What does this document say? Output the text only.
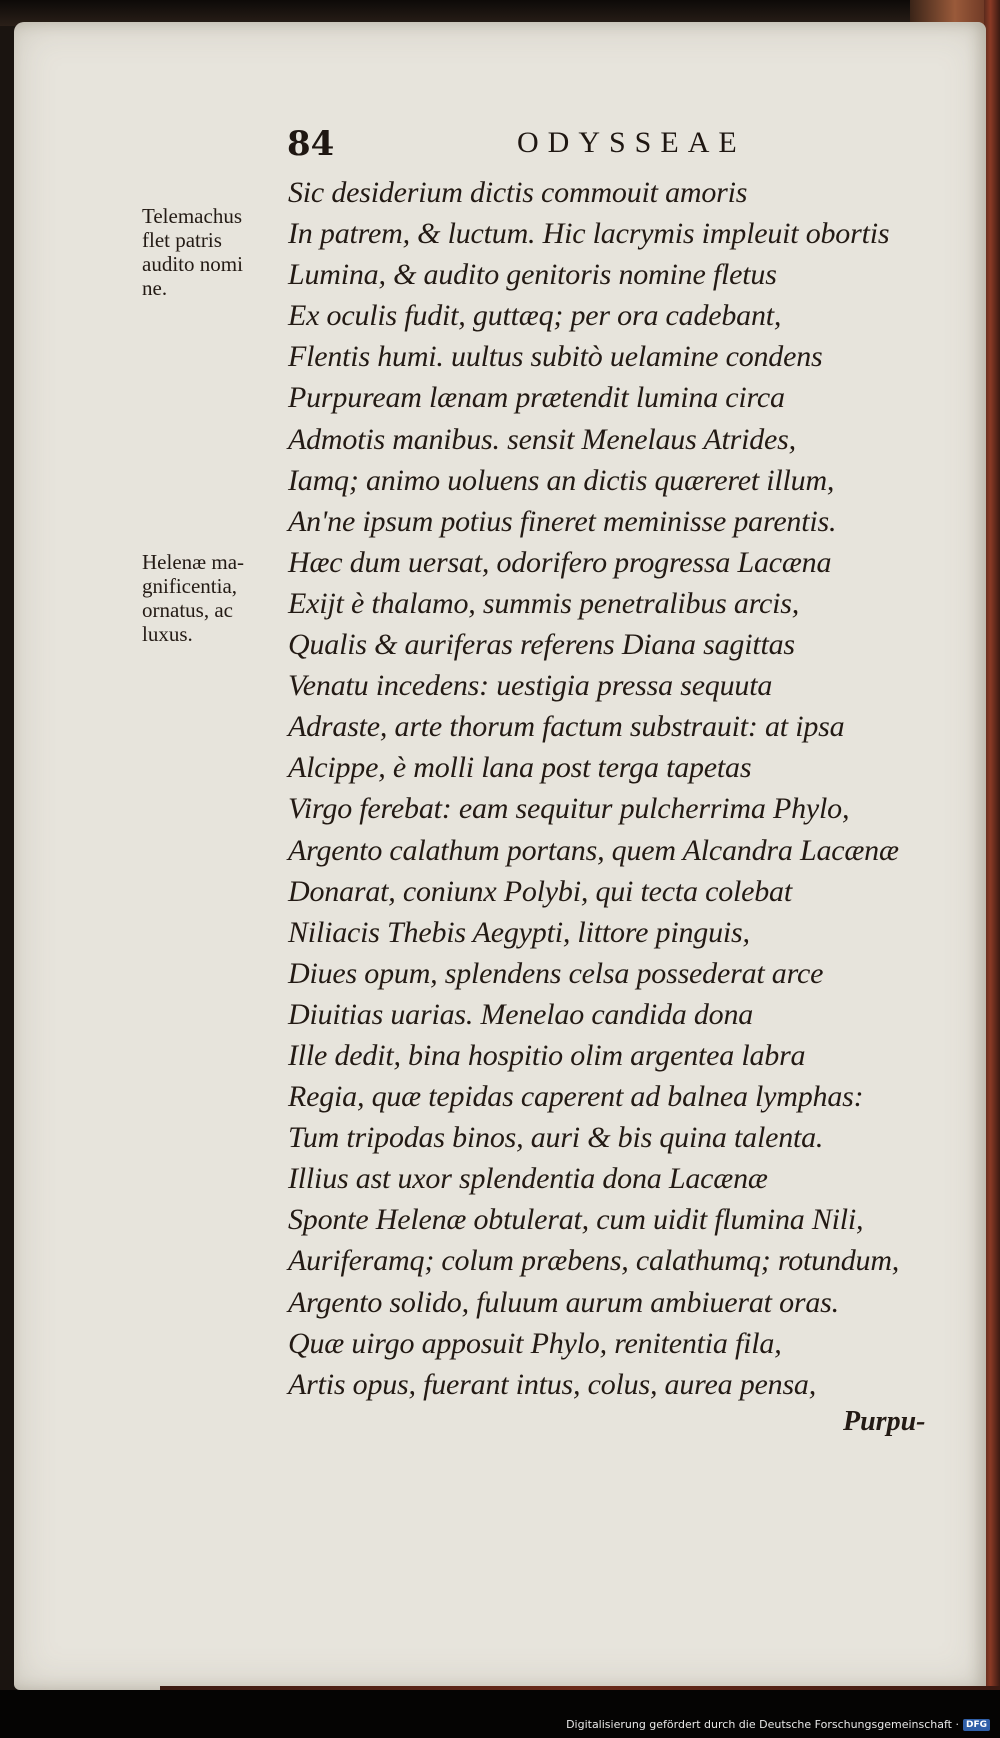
84	ODYSSEAE
Telemachus
flet patris
audito nomi
ne.
Helenæ ma-
gnificentia,
ornatus, ac
luxus.
Sic desiderium dictis commouit amoris
In patrem, & luctum. Hic lacrymis impleuit obortis
Lumina, & audito genitoris nomine fletus
Ex oculis fudit, guttæq; per ora cadebant,
Flentis humi. uultus subitò uelamine condens
Purpuream lænam prætendit lumina circa
Admotis manibus. sensit Menelaus Atrides,
Iamq; animo uoluens an dictis quæreret illum,
An'ne ipsum potius fineret meminisse parentis.
Hæc dum uersat, odorifero progressa Lacæna
Exijt è thalamo, summis penetralibus arcis,
Qualis & auriferas referens Diana sagittas
Venatu incedens: uestigia pressa sequuta
Adraste, arte thorum factum substrauit: at ipsa
Alcippe, è molli lana post terga tapetas
Virgo ferebat: eam sequitur pulcherrima Phylo,
Argento calathum portans, quem Alcandra Lacænæ
Donarat, coniunx Polybi, qui tecta colebat
Niliacis Thebis Aegypti, littore pinguis,
Diues opum, splendens celsa possederat arce
Diuitias uarias. Menelao candida dona
Ille dedit, bina hospitio olim argentea labra
Regia, quæ tepidas caperent ad balnea lymphas:
Tum tripodas binos, auri & bis quina talenta.
Illius ast uxor splendentia dona Lacænæ
Sponte Helenæ obtulerat, cum uidit flumina Nili,
Auriferamq; colum præbens, calathumq; rotundum,
Argento solido, fuluum aurum ambiuerat oras.
Quæ uirgo apposuit Phylo, renitentia fila,
Artis opus, fuerant intus, colus, aurea pensa,
Purpu-
Digitalisierung gefördert durch die Deutsche Forschungsgemeinschaft · DFG
